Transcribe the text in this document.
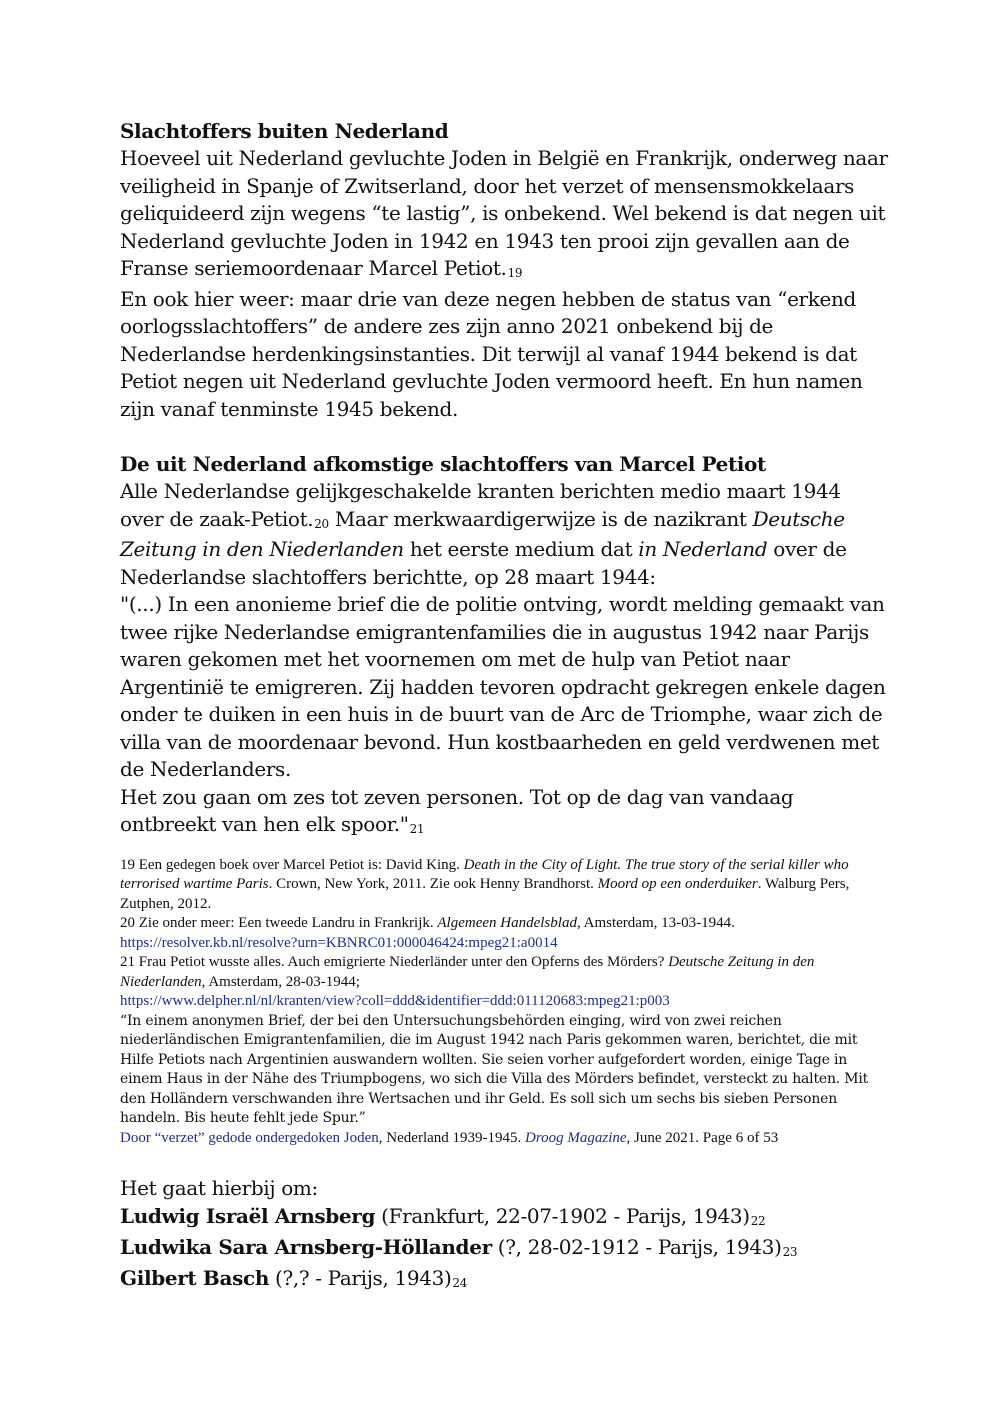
Slachtoffers buiten Nederland

Hoeveel uit Nederland gevluchte Joden in België en Frankrijk, onderweg naar veiligheid in Spanje of Zwitserland, door het verzet of mensensmokkelaars geliquideerd zijn wegens “te lastig”, is onbekend. Wel bekend is dat negen uit Nederland gevluchte Joden in 1942 en 1943 ten prooi zijn gevallen aan de Franse seriemoordenaar Marcel Petiot.$^{19}$
En ook hier weer: maar drie van deze negen hebben de status van “erkend oorlogsslachtoffers” de andere zes zijn anno 2021 onbekend bij de Nederlandse herdenkingsinstanties. Dit terwijl al vanaf 1944 bekend is dat Petiot negen uit Nederland gevluchte Joden vermoord heeft. En hun namen zijn vanaf tenminste 1945 bekend.

De uit Nederland afkomstige slachtoffers van Marcel Petiot

Alle Nederlandse gelijkgeschakelde kranten berichten medio maart 1944 over de zaak-Petiot.$^{20}$ Maar merkwaardigerwijze is de nazikrant Deutsche Zeitung in den Niederlanden het eerste medium dat in Nederland over de Nederlandse slachtoffers berichtte, op 28 maart 1944:
"(...) In een anonieme brief die de politie ontving, wordt melding gemaakt van twee rijke Nederlandse emigrantenfamilies die in augustus 1942 naar Parijs waren gekomen met het voornemen om met de hulp van Petiot naar Argentinië te emigreren. Zij hadden tevoren opdracht gekregen enkele dagen onder te duiken in een huis in de buurt van de Arc de Triomphe, waar zich de villa van de moordenaar bevond. Hun kostbaarheden en geld verdwenen met de Nederlanders.
Het zou gaan om zes tot zeven personen. Tot op de dag van vandaag ontbreekt van hen elk spoor."$^{21}$

19 Een gedegen boek over Marcel Petiot is: David King. Death in the City of Light. The true story of the serial killer who terrorised wartime Paris. Crown, New York, 2011. Zie ook Henny Brandhorst. Moord op een onderduiker. Walburg Pers, Zutphen, 2012.

20 Zie onder meer: Een tweede Landru in Frankrijk. Algemeen Handelsblad, Amsterdam, 13-03-1944.
https://resolver.kb.nl/resolve?urn=KBNRC01:000046424:mpeg21:a0014

21 Frau Petiot wusste alles. Auch emigrierte Niederländer unter den Opferns des Mörders? Deutsche Zeitung in den Niederlanden, Amsterdam, 28-03-1944;
https://www.delpher.nl/nl/kranten/view?coll=ddd&identifier=ddd:011120683:mpeg21:p003

“In einem anonymen Brief, der bei den Untersuchungsbehörden einging, wird von zwei reichen niederländischen Emigrantenfamilien, die im August 1942 nach Paris gekommen waren, berichtet, die mit Hilfe Petiots nach Argentinien auswandern wollten. Sie seien vorher aufgefordert worden, einige Tage in einem Haus in der Nähe des Triumpbogens, wo sich die Villa des Mörders befindet, versteckt zu halten. Mit den Holländern verschwanden ihre Wertsachen und ihr Geld. Es soll sich um sechs bis sieben Personen handeln. Bis heute fehlt jede Spur.”

Door “verzet” gedode ondergedoken Joden, Nederland 1939-1945. Droog Magazine, June 2021. Page 6 of 53

Het gaat hierbij om:

Ludwig Israël Arnsberg (Frankfurt, 22-07-1902 - Parijs, 1943)$^{22}$

Ludwika Sara Arnsberg-Höllander (?, 28-02-1912 - Parijs, 1943)$^{23}$

Gilbert Basch (?,? - Parijs, 1943)$^{24}$
